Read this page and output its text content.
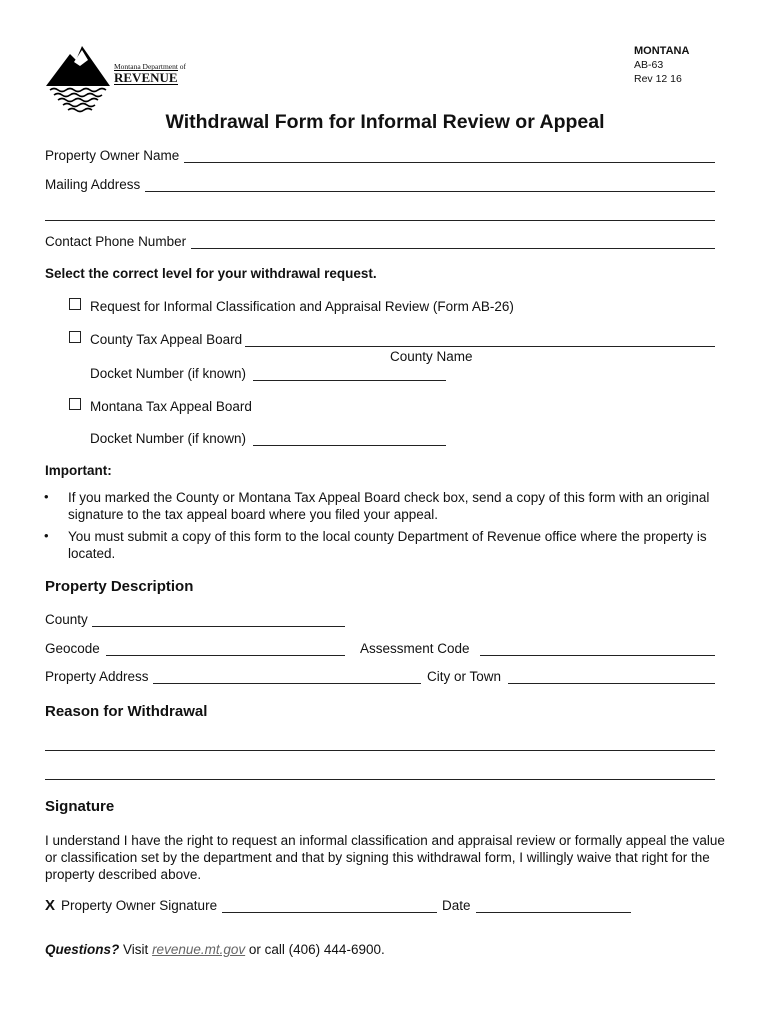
Montana Department of
REVENUE
MONTANA
AB-63
Rev 12 16
Withdrawal Form for Informal Review or Appeal
Property Owner Name
Mailing Address
Contact Phone Number
Select the correct level for your withdrawal request.
Request for Informal Classification and Appraisal Review (Form AB-26)
County Tax Appeal Board
County Name
Docket Number (if known)
Montana Tax Appeal Board
Docket Number (if known)
Important:
• If you marked the County or Montana Tax Appeal Board check box, send a copy of this form with an original signature to the tax appeal board where you filed your appeal.
• You must submit a copy of this form to the local county Department of Revenue office where the property is located.
Property Description
County
Geocode	Assessment Code
Property Address	City or Town
Reason for Withdrawal
Signature
I understand I have the right to request an informal classification and appraisal review or formally appeal the value or classification set by the department and that by signing this withdrawal form, I willingly waive that right for the property described above.
X Property Owner Signature	Date
Questions? Visit revenue.mt.gov or call (406) 444-6900.
